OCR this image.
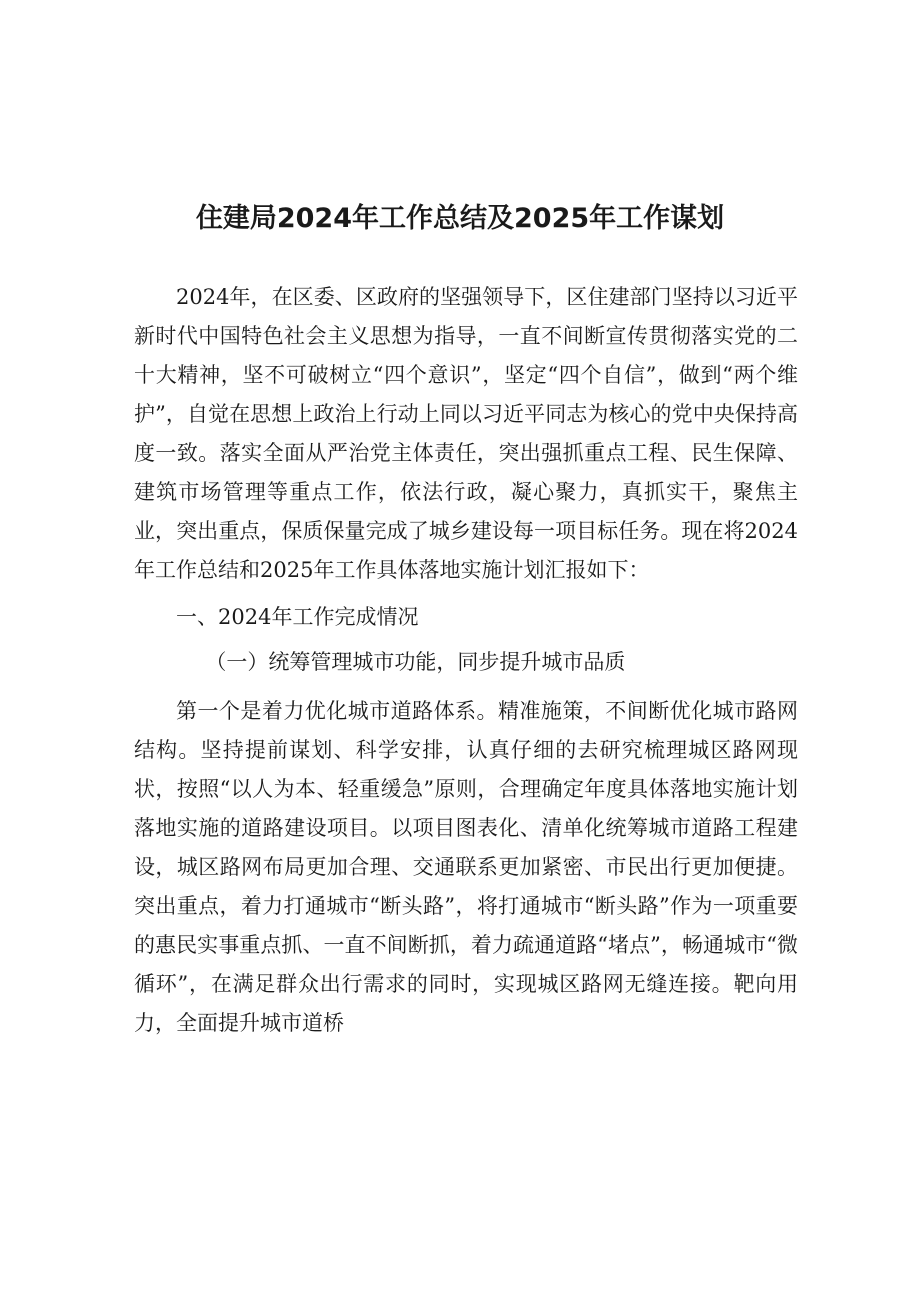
住建局2024年工作总结及2025年工作谋划

2024年，在区委、区政府的坚强领导下，区住建部门坚持以习近平新时代中国特色社会主义思想为指导，一直不间断宣传贯彻落实党的二十大精神，坚不可破树立“四个意识”，坚定“四个自信”，做到“两个维护”，自觉在思想上政治上行动上同以习近平同志为核心的党中央保持高度一致。落实全面从严治党主体责任，突出强抓重点工程、民生保障、建筑市场管理等重点工作，依法行政，凝心聚力，真抓实干，聚焦主业，突出重点，保质保量完成了城乡建设每一项目标任务。现在将2024年工作总结和2025年工作具体落地实施计划汇报如下：

一、2024年工作完成情况

（一）统筹管理城市功能，同步提升城市品质

第一个是着力优化城市道路体系。精准施策，不间断优化城市路网结构。坚持提前谋划、科学安排，认真仔细的去研究梳理城区路网现状，按照“以人为本、轻重缓急”原则，合理确定年度具体落地实施计划落地实施的道路建设项目。以项目图表化、清单化统筹城市道路工程建设，城区路网布局更加合理、交通联系更加紧密、市民出行更加便捷。突出重点，着力打通城市“断头路”，将打通城市“断头路”作为一项重要的惠民实事重点抓、一直不间断抓，着力疏通道路“堵点”，畅通城市“微循环”，在满足群众出行需求的同时，实现城区路网无缝连接。靶向用力，全面提升城市道桥
